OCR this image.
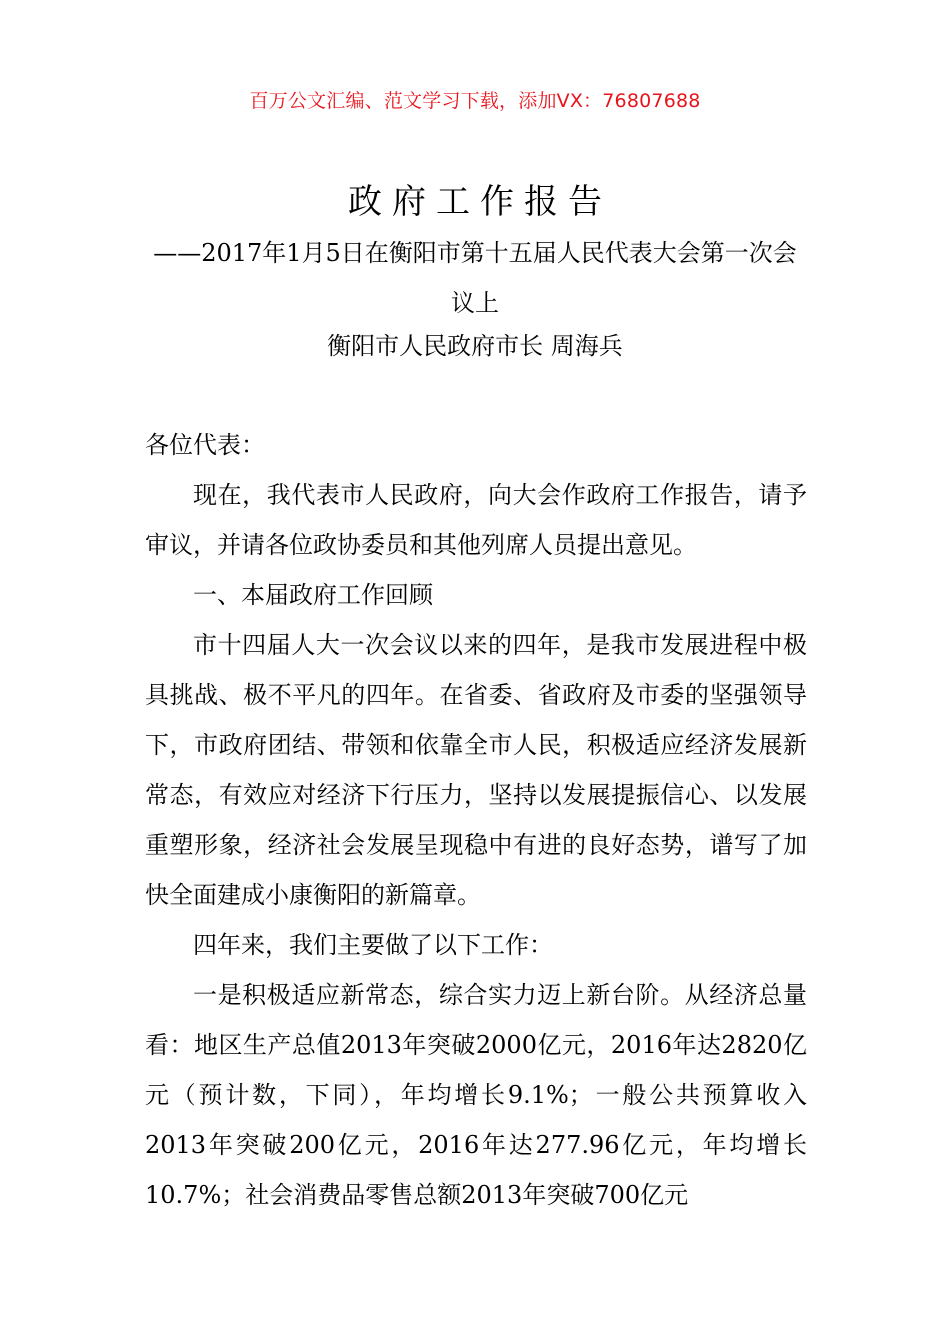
百万公文汇编、范文学习下载，添加VX：76807688
政府工作报告
——2017年1月5日在衡阳市第十五届人民代表大会第一次会议上
衡阳市人民政府市长 周海兵

各位代表：

现在，我代表市人民政府，向大会作政府工作报告，请予审议，并请各位政协委员和其他列席人员提出意见。

一、本届政府工作回顾

市十四届人大一次会议以来的四年，是我市发展进程中极具挑战、极不平凡的四年。在省委、省政府及市委的坚强领导下，市政府团结、带领和依靠全市人民，积极适应经济发展新常态，有效应对经济下行压力，坚持以发展提振信心、以发展重塑形象，经济社会发展呈现稳中有进的良好态势，谱写了加快全面建成小康衡阳的新篇章。

四年来，我们主要做了以下工作：

一是积极适应新常态，综合实力迈上新台阶。从经济总量看：地区生产总值2013年突破2000亿元，2016年达2820亿元（预计数，下同），年均增长9.1%；一般公共预算收入2013年突破200亿元，2016年达277.96亿元，年均增长10.7%；社会消费品零售总额2013年突破700亿元
